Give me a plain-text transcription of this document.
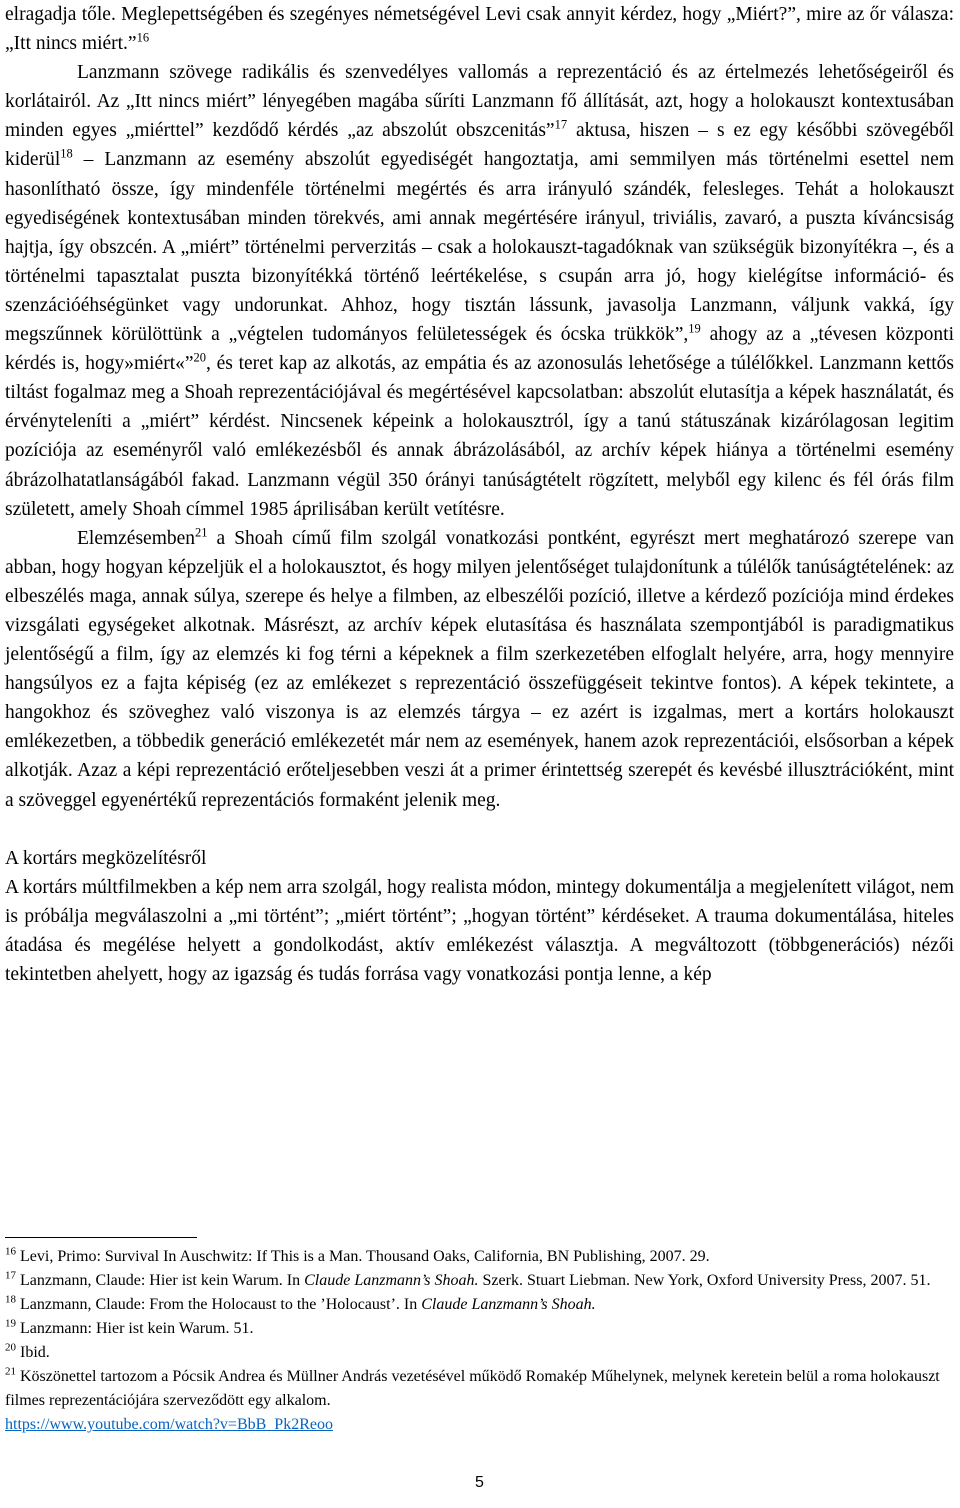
elragadja tőle. Meglepettségében és szegényes németségével Levi csak annyit kérdez, hogy „Miért?”, mire az őr válasza: „Itt nincs miért.”$^{16}$

Lanzmann szövege radikális és szenvedélyes vallomás a reprezentáció és az értelmezés lehetőségeiről és korlátairól. Az „Itt nincs miért” lényegében magába sűríti Lanzmann fő állítását, azt, hogy a holokauszt kontextusában minden egyes „miérttel” kezdődő kérdés „az abszolút obszcenitás”$^{17}$ aktusa, hiszen – s ez egy későbbi szövegéből kiderül$^{18}$ – Lanzmann az esemény abszolút egyediségét hangoztatja, ami semmilyen más történelmi esettel nem hasonlítható össze, így mindenféle történelmi megértés és arra irányuló szándék, felesleges. Tehát a holokauszt egyediségének kontextusában minden törekvés, ami annak megértésére irányul, triviális, zavaró, a puszta kíváncsiság hajtja, így obszcén. A „miért” történelmi perverzitás – csak a holokauszt-tagadóknak van szükségük bizonyítékra –, és a történelmi tapasztalat puszta bizonyítékká történő leértékelése, s csupán arra jó, hogy kielégítse információ- és szenzációéhségünket vagy undorunkat. Ahhoz, hogy tisztán lássunk, javasolja Lanzmann, váljunk vakká, így megszűnnek körülöttünk a „végtelen tudományos felületességek és ócska trükkök”,$^{19}$ ahogy az a „tévesen központi kérdés is, hogy»miért«”$^{20}$, és teret kap az alkotás, az empátia és az azonosulás lehetősége a túlélőkkel. Lanzmann kettős tiltást fogalmaz meg a Shoah reprezentációjával és megértésével kapcsolatban: abszolút elutasítja a képek használatát, és érvényteleníti a „miért” kérdést. Nincsenek képeink a holokausztról, így a tanú státuszának kizárólagosan legitim pozíciója az eseményről való emlékezésből és annak ábrázolásából, az archív képek hiánya a történelmi esemény ábrázolhatatlanságából fakad. Lanzmann végül 350 órányi tanúságtételt rögzített, melyből egy kilenc és fél órás film született, amely Shoah címmel 1985 áprilisában került vetítésre.

Elemzésemben$^{21}$ a Shoah című film szolgál vonatkozási pontként, egyrészt mert meghatározó szerepe van abban, hogy hogyan képzeljük el a holokausztot, és hogy milyen jelentőséget tulajdonítunk a túlélők tanúságtételének: az elbeszélés maga, annak súlya, szerepe és helye a filmben, az elbeszélői pozíció, illetve a kérdező pozíciója mind érdekes vizsgálati egységeket alkotnak. Másrészt, az archív képek elutasítása és használata szempontjából is paradigmatikus jelentőségű a film, így az elemzés ki fog térni a képeknek a film szerkezetében elfoglalt helyére, arra, hogy mennyire hangsúlyos ez a fajta képiség (ez az emlékezet s reprezentáció összefüggéseit tekintve fontos). A képek tekintete, a hangokhoz és szöveghez való viszonya is az elemzés tárgya – ez azért is izgalmas, mert a kortárs holokauszt emlékezetben, a többedik generáció emlékezetét már nem az események, hanem azok reprezentációi, elsősorban a képek alkotják. Azaz a képi reprezentáció erőteljesebben veszi át a primer érintettség szerepét és kevésbé illusztrációként, mint a szöveggel egyenértékű reprezentációs formaként jelenik meg.

A kortárs megközelítésről

A kortárs múltfilmekben a kép nem arra szolgál, hogy realista módon, mintegy dokumentálja a megjelenített világot, nem is próbálja megválaszolni a „mi történt”; „miért történt”; „hogyan történt” kérdéseket. A trauma dokumentálása, hiteles átadása és megélése helyett a gondolkodást, aktív emlékezést választja. A megváltozott (többgenerációs) nézői tekintetben ahelyett, hogy az igazság és tudás forrása vagy vonatkozási pontja lenne, a kép

$^{16}$ Levi, Primo: Survival In Auschwitz: If This is a Man. Thousand Oaks, California, BN Publishing, 2007. 29.

$^{17}$ Lanzmann, Claude: Hier ist kein Warum. In Claude Lanzmann’s Shoah. Szerk. Stuart Liebman. New York, Oxford University Press, 2007. 51.

$^{18}$ Lanzmann, Claude: From the Holocaust to the ’Holocaust’. In Claude Lanzmann’s Shoah.

$^{19}$ Lanzmann: Hier ist kein Warum. 51.

$^{20}$ Ibid.

$^{21}$ Köszönettel tartozom a Pócsik Andrea és Müllner András vezetésével működő Romakép Műhelynek, melynek keretein belül a roma holokauszt filmes reprezentációjára szerveződött egy alkalom.

https://www.youtube.com/watch?v=BbB_Pk2Reoo

5
